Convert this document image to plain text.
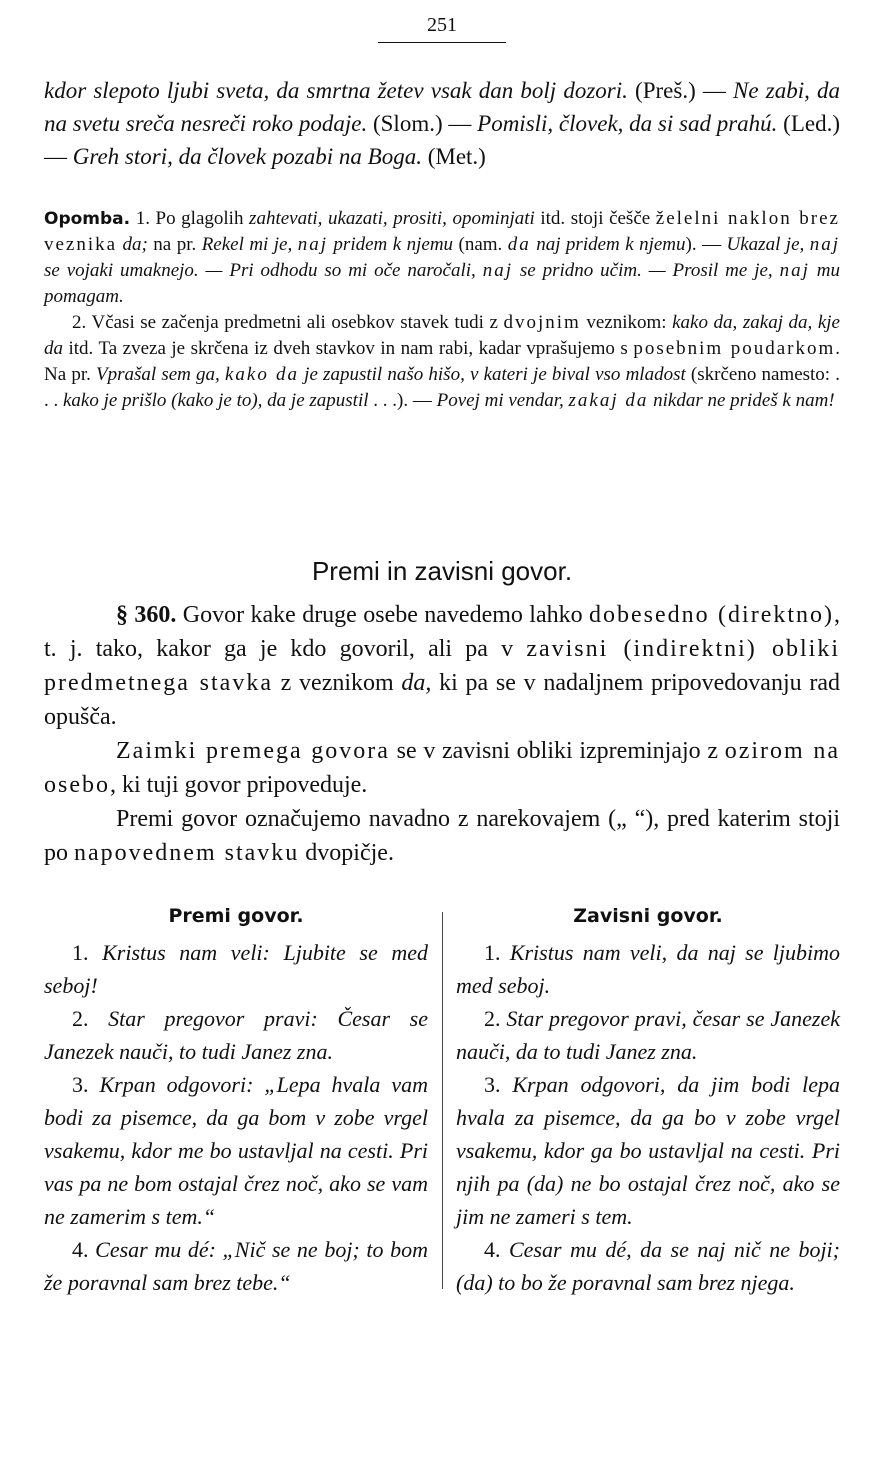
251
kdor slepoto ljubi sveta, da smrtna žetev vsak dan bolj dozori. (Preš.) — Ne zabi, da na svetu sreča nesreči roko podaje. (Slom.) — Pomisli, človek, da si sad prahú. (Led.) — Greh stori, da človek pozabi na Boga. (Met.)

Opomba. 1. Po glagolih zahtevati, ukazati, prositi, opominjati itd. stoji češče želelni naklon brez veznika da; na pr. Rekel mi je, naj pridem k njemu (nam. da naj pridem k njemu). — Ukazal je, naj se vojaki umaknejo. — Pri odhodu so mi oče naročali, naj se pridno učim. — Prosil me je, naj mu pomagam.

2. Včasi se začenja predmetni ali osebkov stavek tudi z dvojnim veznikom: kako da, zakaj da, kje da itd. Ta zveza je skrčena iz dveh stavkov in nam rabi, kadar vprašujemo s posebnim poudarkom. Na pr. Vprašal sem ga, kako da je zapustil našo hišo, v kateri je bival vso mladost (skrčeno namesto: . . . kako je prišlo (kako je to), da je zapustil . . .). — Povej mi vendar, zakaj da nikdar ne prideš k nam!

Premi in zavisni govor.

§ 360. Govor kake druge osebe navedemo lahko dobesedno (direktno), t. j. tako, kakor ga je kdo govoril, ali pa v zavisni (indirektni) obliki predmetnega stavka z veznikom da, ki pa se v nadaljnem pripovedovanju rad opušča.

Zaimki premega govora se v zavisni obliki izpreminjajo z ozirom na osebo, ki tuji govor pripoveduje.

Premi govor označujemo navadno z narekovajem („ “), pred katerim stoji po napovednem stavku dvopičje.

Premi govor.

1. Kristus nam veli: Ljubite se med seboj!

2. Star pregovor pravi: Česar se Janezek nauči, to tudi Janez zna.

3. Krpan odgovori: „Lepa hvala vam bodi za pisemce, da ga bom v zobe vrgel vsakemu, kdor me bo ustavljal na cesti. Pri vas pa ne bom ostajal črez noč, ako se vam ne zamerim s tem.“

4. Cesar mu dé: „Nič se ne boj; to bom že poravnal sam brez tebe.“

Zavisni govor.

1. Kristus nam veli, da naj se ljubimo med seboj.

2. Star pregovor pravi, česar se Janezek nauči, da to tudi Janez zna.

3. Krpan odgovori, da jim bodi lepa hvala za pisemce, da ga bo v zobe vrgel vsakemu, kdor ga bo ustavljal na cesti. Pri njih pa (da) ne bo ostajal črez noč, ako se jim ne zameri s tem.

4. Cesar mu dé, da se naj nič ne boji; (da) to bo že poravnal sam brez njega.
